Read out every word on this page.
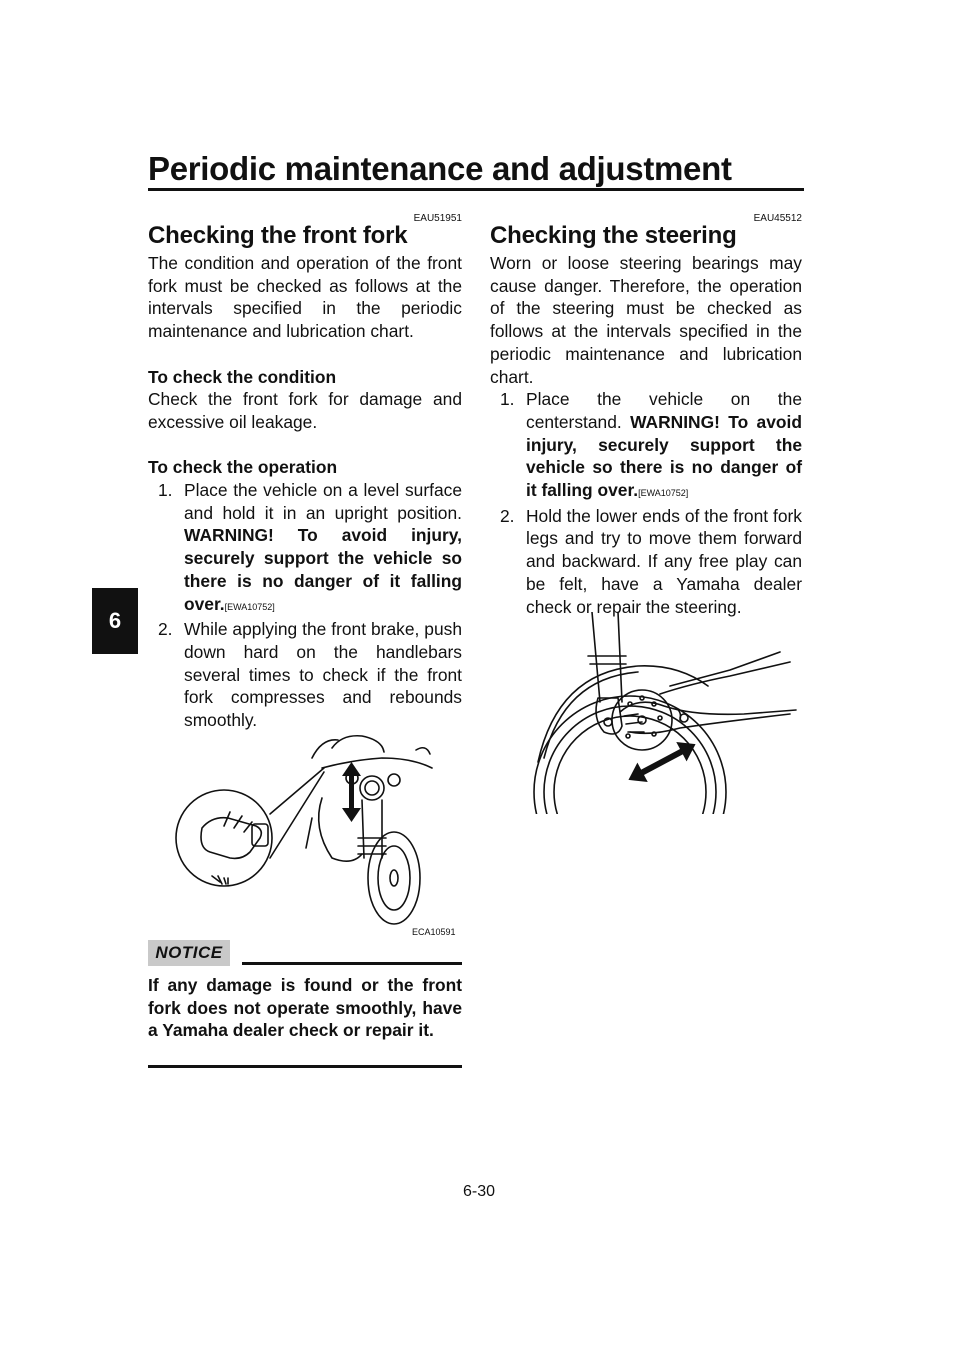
Periodic maintenance and adjustment
6
EAU51951
Checking the front fork

The condition and operation of the front fork must be checked as follows at the intervals specified in the periodic maintenance and lubrication chart.

To check the condition

Check the front fork for damage and excessive oil leakage.

To check the operation

1. Place the vehicle on a level surface and hold it in an upright position. WARNING! To avoid injury, securely support the vehicle so there is no danger of it falling over.[EWA10752]
2. While applying the front brake, push down hard on the handlebars several times to check if the front fork compresses and rebounds smoothly.
ECA10591
NOTICE
If any damage is found or the front fork does not operate smoothly, have a Yamaha dealer check or repair it.
EAU45512
Checking the steering

Worn or loose steering bearings may cause danger. Therefore, the operation of the steering must be checked as follows at the intervals specified in the periodic maintenance and lubrication chart.

1. Place the vehicle on the centerstand. WARNING! To avoid injury, securely support the vehicle so there is no danger of it falling over.[EWA10752]
2. Hold the lower ends of the front fork legs and try to move them forward and backward. If any free play can be felt, have a Yamaha dealer check or repair the steering.
6-30
